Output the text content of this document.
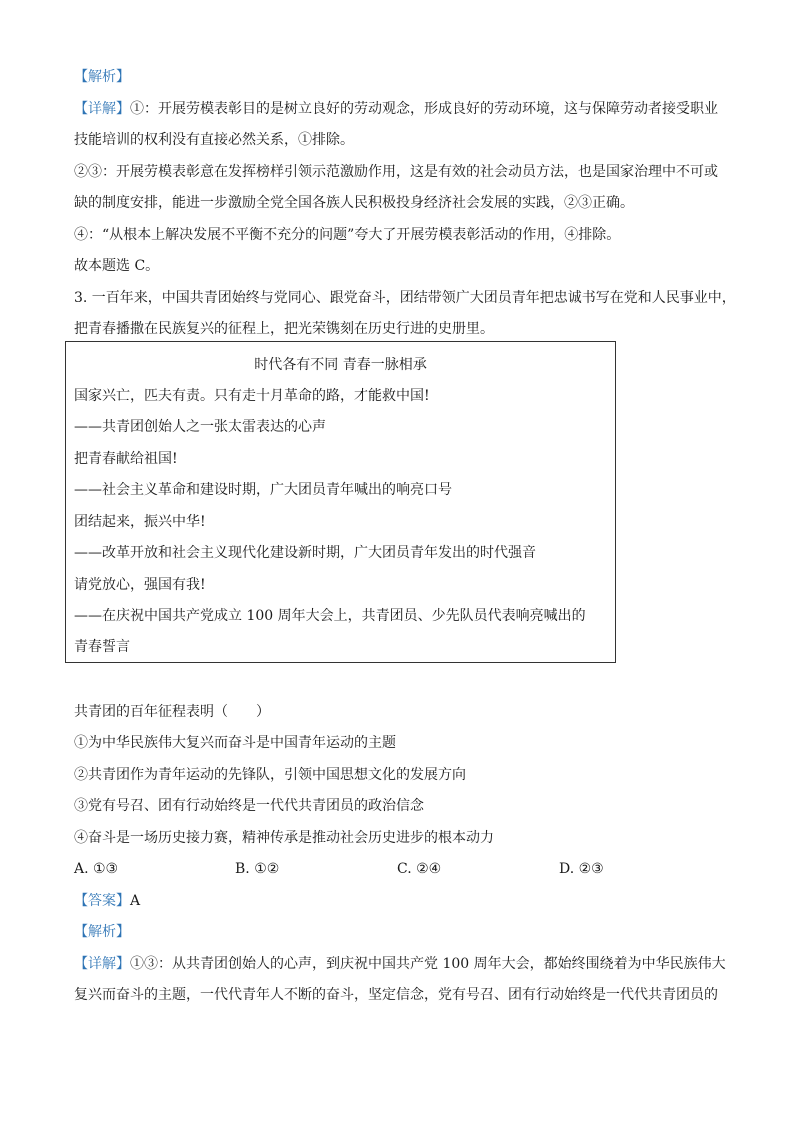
【解析】
【详解】①：开展劳模表彰目的是树立良好的劳动观念，形成良好的劳动环境，这与保障劳动者接受职业
技能培训的权利没有直接必然关系，①排除。
②③：开展劳模表彰意在发挥榜样引领示范激励作用，这是有效的社会动员方法，也是国家治理中不可或
缺的制度安排，能进一步激励全党全国各族人民积极投身经济社会发展的实践，②③正确。
④：“从根本上解决发展不平衡不充分的问题”夸大了开展劳模表彰活动的作用，④排除。
故本题选 C。
3. 一百年来，中国共青团始终与党同心、跟党奋斗，团结带领广大团员青年把忠诚书写在党和人民事业中，
把青春播撒在民族复兴的征程上，把光荣镌刻在历史行进的史册里。
时代各有不同 青春一脉相承
国家兴亡，匹夫有责。只有走十月革命的路，才能救中国!
——共青团创始人之一张太雷表达的心声
把青春献给祖国!
——社会主义革命和建设时期，广大团员青年喊出的响亮口号
团结起来，振兴中华!
——改革开放和社会主义现代化建设新时期，广大团员青年发出的时代强音
请党放心，强国有我!
——在庆祝中国共产党成立 100 周年大会上，共青团员、少先队员代表响亮喊出的
青春誓言
共青团的百年征程表明（　　）
①为中华民族伟大复兴而奋斗是中国青年运动的主题
②共青团作为青年运动的先锋队，引领中国思想文化的发展方向
③党有号召、团有行动始终是一代代共青团员的政治信念
④奋斗是一场历史接力赛，精神传承是推动社会历史进步的根本动力
A. ①③	B. ①②	C. ②④	D. ②③
【答案】A
【解析】
【详解】①③：从共青团创始人的心声，到庆祝中国共产党 100 周年大会，都始终围绕着为中华民族伟大
复兴而奋斗的主题，一代代青年人不断的奋斗，坚定信念，党有号召、团有行动始终是一代代共青团员的
